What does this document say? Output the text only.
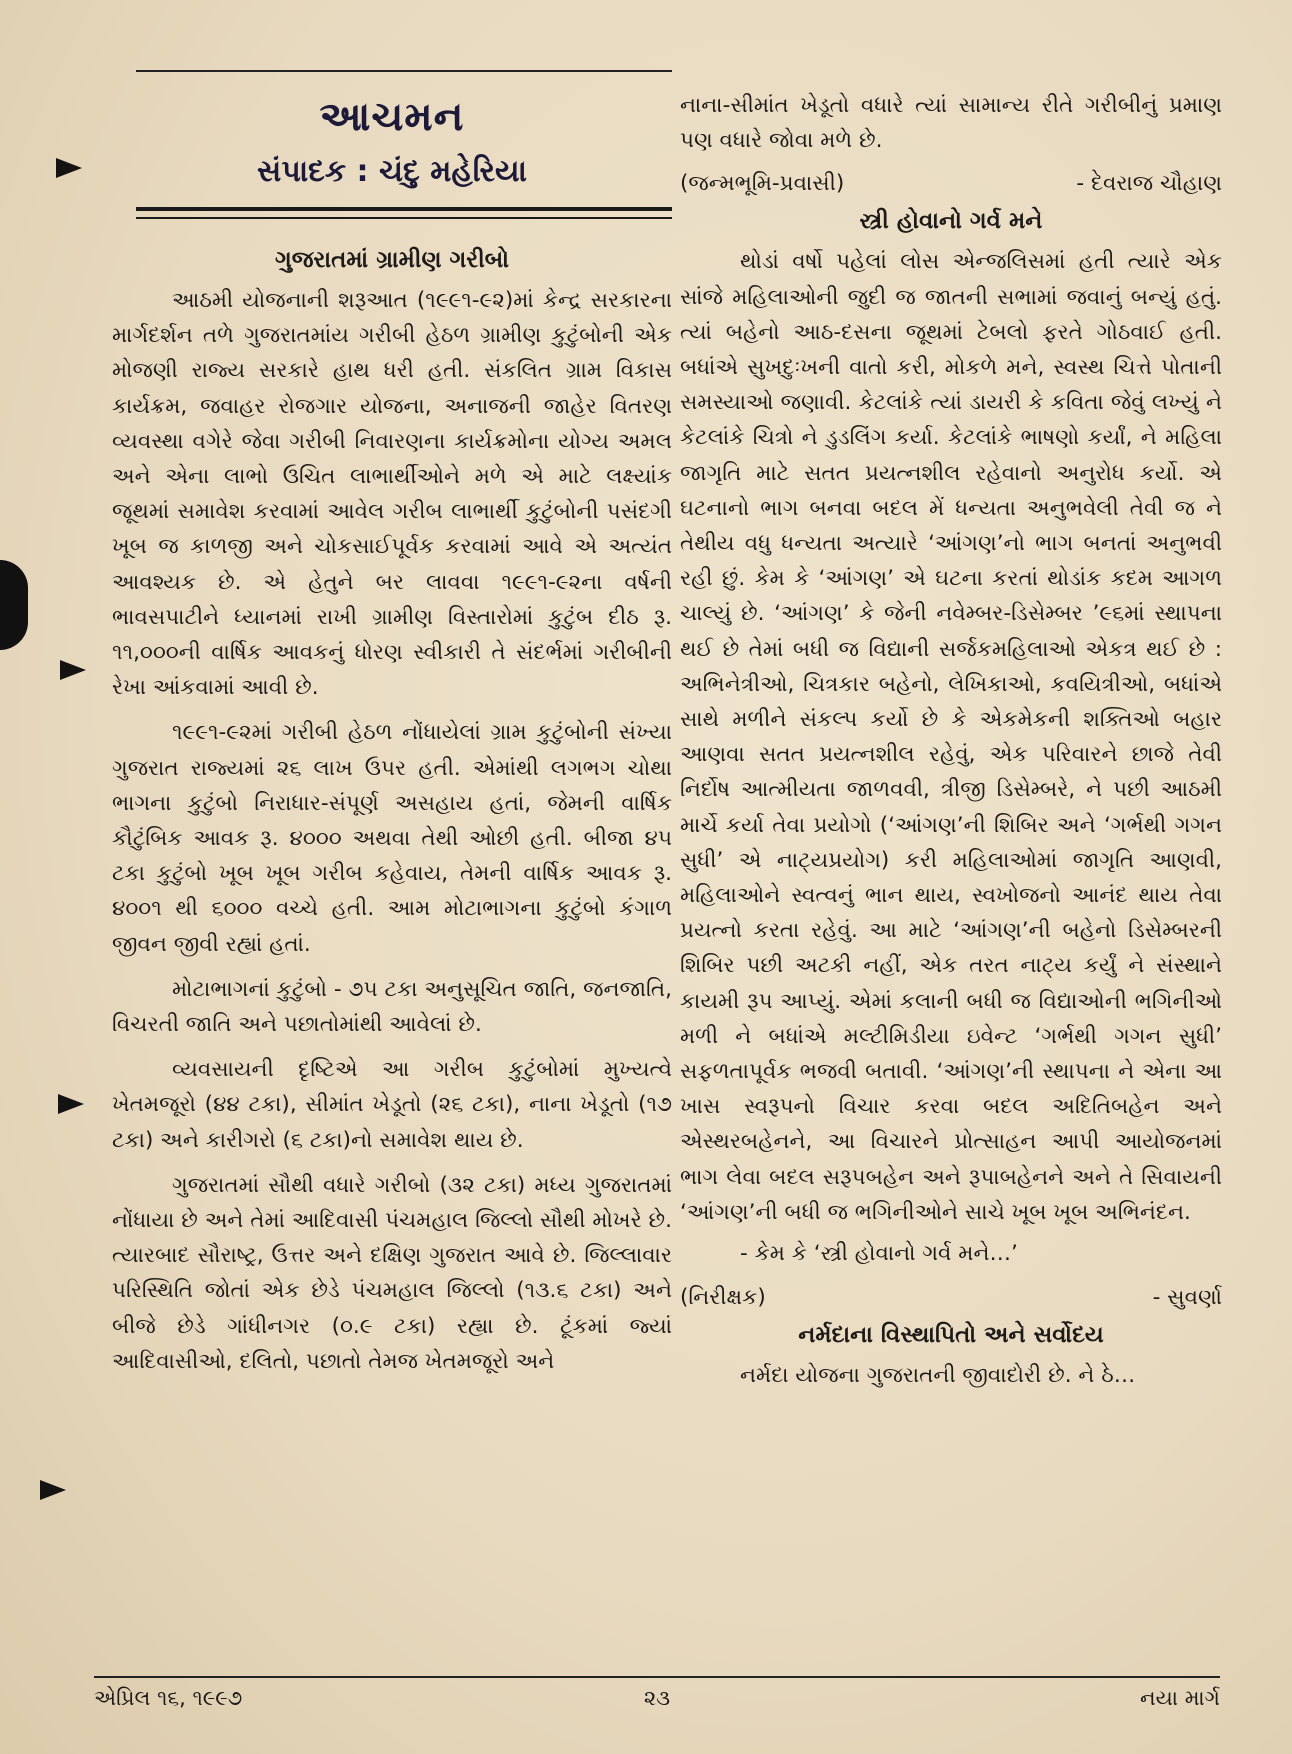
આચમન
સંપાદક : ચંદુ મહેરિયા
ગુજરાતમાં ગ્રામીણ ગરીબો

આઠમી યોજનાની શરૂઆત (૧૯૯૧-૯૨)માં કેન્દ્ર સરકારના માર્ગદર્શન તળે ગુજરાતમાંય ગરીબી હેઠળ ગ્રામીણ કુટુંબોની એક મોજણી રાજ્ય સરકારે હાથ ધરી હતી. સંકલિત ગ્રામ વિકાસ કાર્યક્રમ, જવાહર રોજગાર યોજના, અનાજની જાહેર વિતરણ વ્યવસ્થા વગેરે જેવા ગરીબી નિવારણના કાર્યક્રમોના યોગ્ય અમલ અને એના લાભો ઉચિત લાભાર્થીઓને મળે એ માટે લક્ષ્યાંક જૂથમાં સમાવેશ કરવામાં આવેલ ગરીબ લાભાર્થી કુટુંબોની પસંદગી ખૂબ જ કાળજી અને ચોકસાઈપૂર્વક કરવામાં આવે એ અત્યંત આવશ્યક છે. એ હેતુને બર લાવવા ૧૯૯૧-૯૨ના વર્ષની ભાવસપાટીને ધ્યાનમાં રાખી ગ્રામીણ વિસ્તારોમાં કુટુંબ દીઠ રૂ. ૧૧,૦૦૦ની વાર્ષિક આવકનું ધોરણ સ્વીકારી તે સંદર્ભમાં ગરીબીની રેખા આંકવામાં આવી છે.

૧૯૯૧-૯૨માં ગરીબી હેઠળ નોંધાયેલાં ગ્રામ કુટુંબોની સંખ્યા ગુજરાત રાજ્યમાં ૨૬ લાખ ઉપર હતી. એમાંથી લગભગ ચોથા ભાગના કુટુંબો નિરાધાર-સંપૂર્ણ અસહાય હતાં, જેમની વાર્ષિક કૌટુંબિક આવક રૂ. ૪૦૦૦ અથવા તેથી ઓછી હતી. બીજા ૪૫ ટકા કુટુંબો ખૂબ ખૂબ ગરીબ કહેવાય, તેમની વાર્ષિક આવક રૂ. ૪૦૦૧ થી ૬૦૦૦ વચ્ચે હતી. આમ મોટાભાગના કુટુંબો કંગાળ જીવન જીવી રહ્યાં હતાં.

મોટાભાગનાં કુટુંબો - ૭૫ ટકા અનુસૂચિત જાતિ, જનજાતિ, વિચરતી જાતિ અને પછાતોમાંથી આવેલાં છે.

વ્યવસાયની દૃષ્ટિએ આ ગરીબ કુટુંબોમાં મુખ્યત્વે ખેતમજૂરો (૪૪ ટકા), સીમાંત ખેડૂતો (૨૬ ટકા), નાના ખેડૂતો (૧૭ ટકા) અને કારીગરો (૬ ટકા)નો સમાવેશ થાય છે.

ગુજરાતમાં સૌથી વધારે ગરીબો (૩૨ ટકા) મધ્ય ગુજરાતમાં નોંધાયા છે અને તેમાં આદિવાસી પંચમહાલ જિલ્લો સૌથી મોખરે છે. ત્યારબાદ સૌરાષ્ટ્ર, ઉત્તર અને દક્ષિણ ગુજરાત આવે છે. જિલ્લાવાર પરિસ્થિતિ જોતાં એક છેડે પંચમહાલ જિલ્લો (૧૩.૬ ટકા) અને બીજે છેડે ગાંધીનગર (૦.૯ ટકા) રહ્યા છે. ટૂંકમાં જ્યાં આદિવાસીઓ, દલિતો, પછાતો તેમજ ખેતમજૂરો અને

નાના-સીમાંત ખેડૂતો વધારે ત્યાં સામાન્ય રીતે ગરીબીનું પ્રમાણ પણ વધારે જોવા મળે છે.

(જન્મભૂમિ-પ્રવાસી)	- દેવરાજ ચૌહાણ
સ્ત્રી હોવાનો ગર્વ મને

થોડાં વર્ષો પહેલાં લોસ એન્જલિસમાં હતી ત્યારે એક સાંજે મહિલાઓની જુદી જ જાતની સભામાં જવાનું બન્યું હતું. ત્યાં બહેનો આઠ-દસના જૂથમાં ટેબલો ફરતે ગોઠવાઈ હતી. બધાંએ સુખદુઃખની વાતો કરી, મોકળે મને, સ્વસ્થ ચિત્તે પોતાની સમસ્યાઓ જણાવી. કેટલાંકે ત્યાં ડાયરી કે કવિતા જેવું લખ્યું ને કેટલાંકે ચિત્રો ને ડુડલિંગ કર્યા. કેટલાંકે ભાષણો કર્યાં, ને મહિલા જાગૃતિ માટે સતત પ્રયત્નશીલ રહેવાનો અનુરોધ કર્યો. એ ઘટનાનો ભાગ બનવા બદલ મેં ધન્યતા અનુભવેલી તેવી જ ને તેથીય વધુ ધન્યતા અત્યારે ‘આંગણ’નો ભાગ બનતાં અનુભવી રહી છું. કેમ કે ‘આંગણ’ એ ઘટના કરતાં થોડાંક કદમ આગળ ચાલ્યું છે. ‘આંગણ’ કે જેની નવેમ્બર-ડિસેમ્બર ’૯૬માં સ્થાપના થઈ છે તેમાં બધી જ વિદ્યાની સર્જકમહિલાઓ એકત્ર થઈ છે : અભિનેત્રીઓ, ચિત્રકાર બહેનો, લેખિકાઓ, કવયિત્રીઓ, બધાંએ સાથે મળીને સંકલ્પ કર્યો છે કે એકમેકની શક્તિઓ બહાર આણવા સતત પ્રયત્નશીલ રહેવું, એક પરિવારને છાજે તેવી નિર્દોષ આત્મીયતા જાળવવી, ત્રીજી ડિસેમ્બરે, ને પછી આઠમી માર્ચે કર્યા તેવા પ્રયોગો (‘આંગણ’ની શિબિર અને ‘ગર્ભથી ગગન સુધી’ એ નાટ્યપ્રયોગ) કરી મહિલાઓમાં જાગૃતિ આણવી, મહિલાઓને સ્વત્વનું ભાન થાય, સ્વખોજનો આનંદ થાય તેવા પ્રયત્નો કરતા રહેવું. આ માટે ‘આંગણ’ની બહેનો ડિસેમ્બરની શિબિર પછી અટકી નહીં, એક તરત નાટ્ય કર્યું ને સંસ્થાને કાયમી રૂપ આપ્યું. એમાં કલાની બધી જ વિદ્યાઓની ભગિનીઓ મળી ને બધાંએ મલ્ટીમિડીયા ઇવેન્ટ ‘ગર્ભથી ગગન સુધી’ સફળતાપૂર્વક ભજવી બતાવી. ‘આંગણ’ની સ્થાપના ને એના આ ખાસ સ્વરૂપનો વિચાર કરવા બદલ અદિતિબહેન અને એસ્થરબહેનને, આ વિચારને પ્રોત્સાહન આપી આયોજનમાં ભાગ લેવા બદલ સરૂપબહેન અને રૂપાબહેનને અને તે સિવાયની ‘આંગણ’ની બધી જ ભગિનીઓને સાચે ખૂબ ખૂબ અભિનંદન.

- કેમ કે ‘સ્ત્રી હોવાનો ગર્વ મને…’
(નિરીક્ષક)	- સુવર્ણા
નર્મદાના વિસ્થાપિતો અને સર્વોદય

નર્મદા યોજના ગુજરાતની જીવાદોરી છે. ને ઠે…

એપ્રિલ ૧૬, ૧૯૯૭	૨૩	નયા માર્ગ
